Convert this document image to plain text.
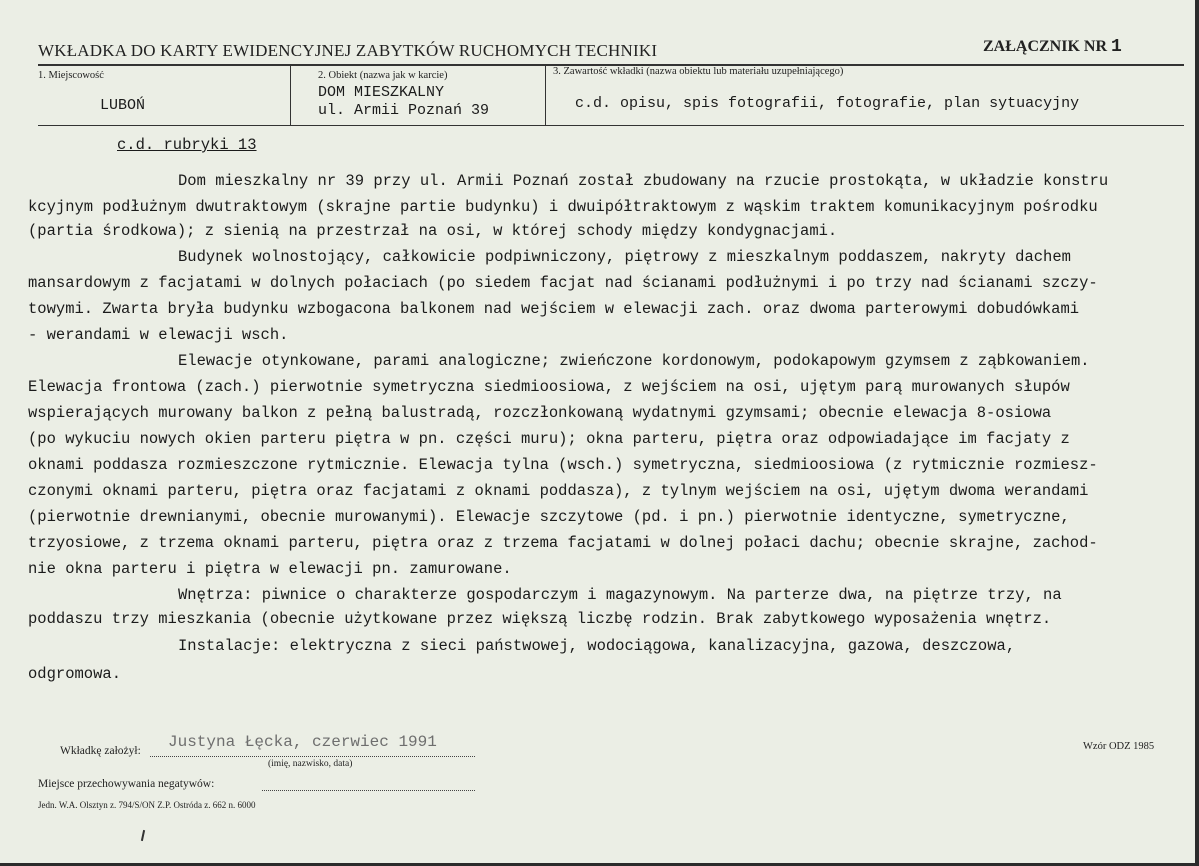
WKŁADKA DO KARTY EWIDENCYJNEJ ZABYTKÓW RUCHOMYCH TECHNIKI	ZAŁĄCZNIK NR 1
1. Miejscowość
LUBOŃ
2. Obiekt (nazwa jak w karcie)
DOM MIESZKALNY
ul. Armii Poznań 39
3. Zawartość wkładki (nazwa obiektu lub materiału uzupełniającego)
c.d. opisu, spis fotografii, fotografie, plan sytuacyjny
c.d. rubryki 13
Dom mieszkalny nr 39 przy ul. Armii Poznań został zbudowany na rzucie prostokąta, w układzie konstru
kcyjnym podłużnym dwutraktowym (skrajne partie budynku) i dwuipółtraktowym z wąskim traktem komunikacyjnym pośrodku
(partia środkowa); z sienią na przestrzał na osi, w której schody między kondygnacjami.
Budynek wolnostojący, całkowicie podpiwniczony, piętrowy z mieszkalnym poddaszem, nakryty dachem
mansardowym z facjatami w dolnych połaciach (po siedem facjat nad ścianami podłużnymi i po trzy nad ścianami szczy-
towymi. Zwarta bryła budynku wzbogacona balkonem nad wejściem w elewacji zach. oraz dwoma parterowymi dobudówkami
- werandami w elewacji wsch.
Elewacje otynkowane, parami analogiczne; zwieńczone kordonowym, podokapowym gzymsem z ząbkowaniem.
Elewacja frontowa (zach.) pierwotnie symetryczna siedmioosiowa, z wejściem na osi, ujętym parą murowanych słupów
wspierających murowany balkon z pełną balustradą, rozczłonkowaną wydatnymi gzymsami; obecnie elewacja 8-osiowa
(po wykuciu nowych okien parteru piętra w pn. części muru); okna parteru, piętra oraz odpowiadające im facjaty z
oknami poddasza rozmieszczone rytmicznie. Elewacja tylna (wsch.) symetryczna, siedmioosiowa (z rytmicznie rozmiesz-
czonymi oknami parteru, piętra oraz facjatami z oknami poddasza), z tylnym wejściem na osi, ujętym dwoma werandami
(pierwotnie drewnianymi, obecnie murowanymi). Elewacje szczytowe (pd. i pn.) pierwotnie identyczne, symetryczne,
trzyosiowe, z trzema oknami parteru, piętra oraz z trzema facjatami w dolnej połaci dachu; obecnie skrajne, zachod-
nie okna parteru i piętra w elewacji pn. zamurowane.
Wnętrza: piwnice o charakterze gospodarczym i magazynowym. Na parterze dwa, na piętrze trzy, na
poddaszu trzy mieszkania (obecnie użytkowane przez większą liczbę rodzin. Brak zabytkowego wyposażenia wnętrz.
Instalacje: elektryczna z sieci państwowej, wodociągowa, kanalizacyjna, gazowa, deszczowa,
odgromowa.
Wkładkę założył: Justyna Łęcka, czerwiec 1991
(imię, nazwisko, data)
Wzór ODZ 1985
Miejsce przechowywania negatywów:
Jedn. W.A. Olsztyn z. 794/S/ON Z.P. Ostróda z. 662 n. 6000
